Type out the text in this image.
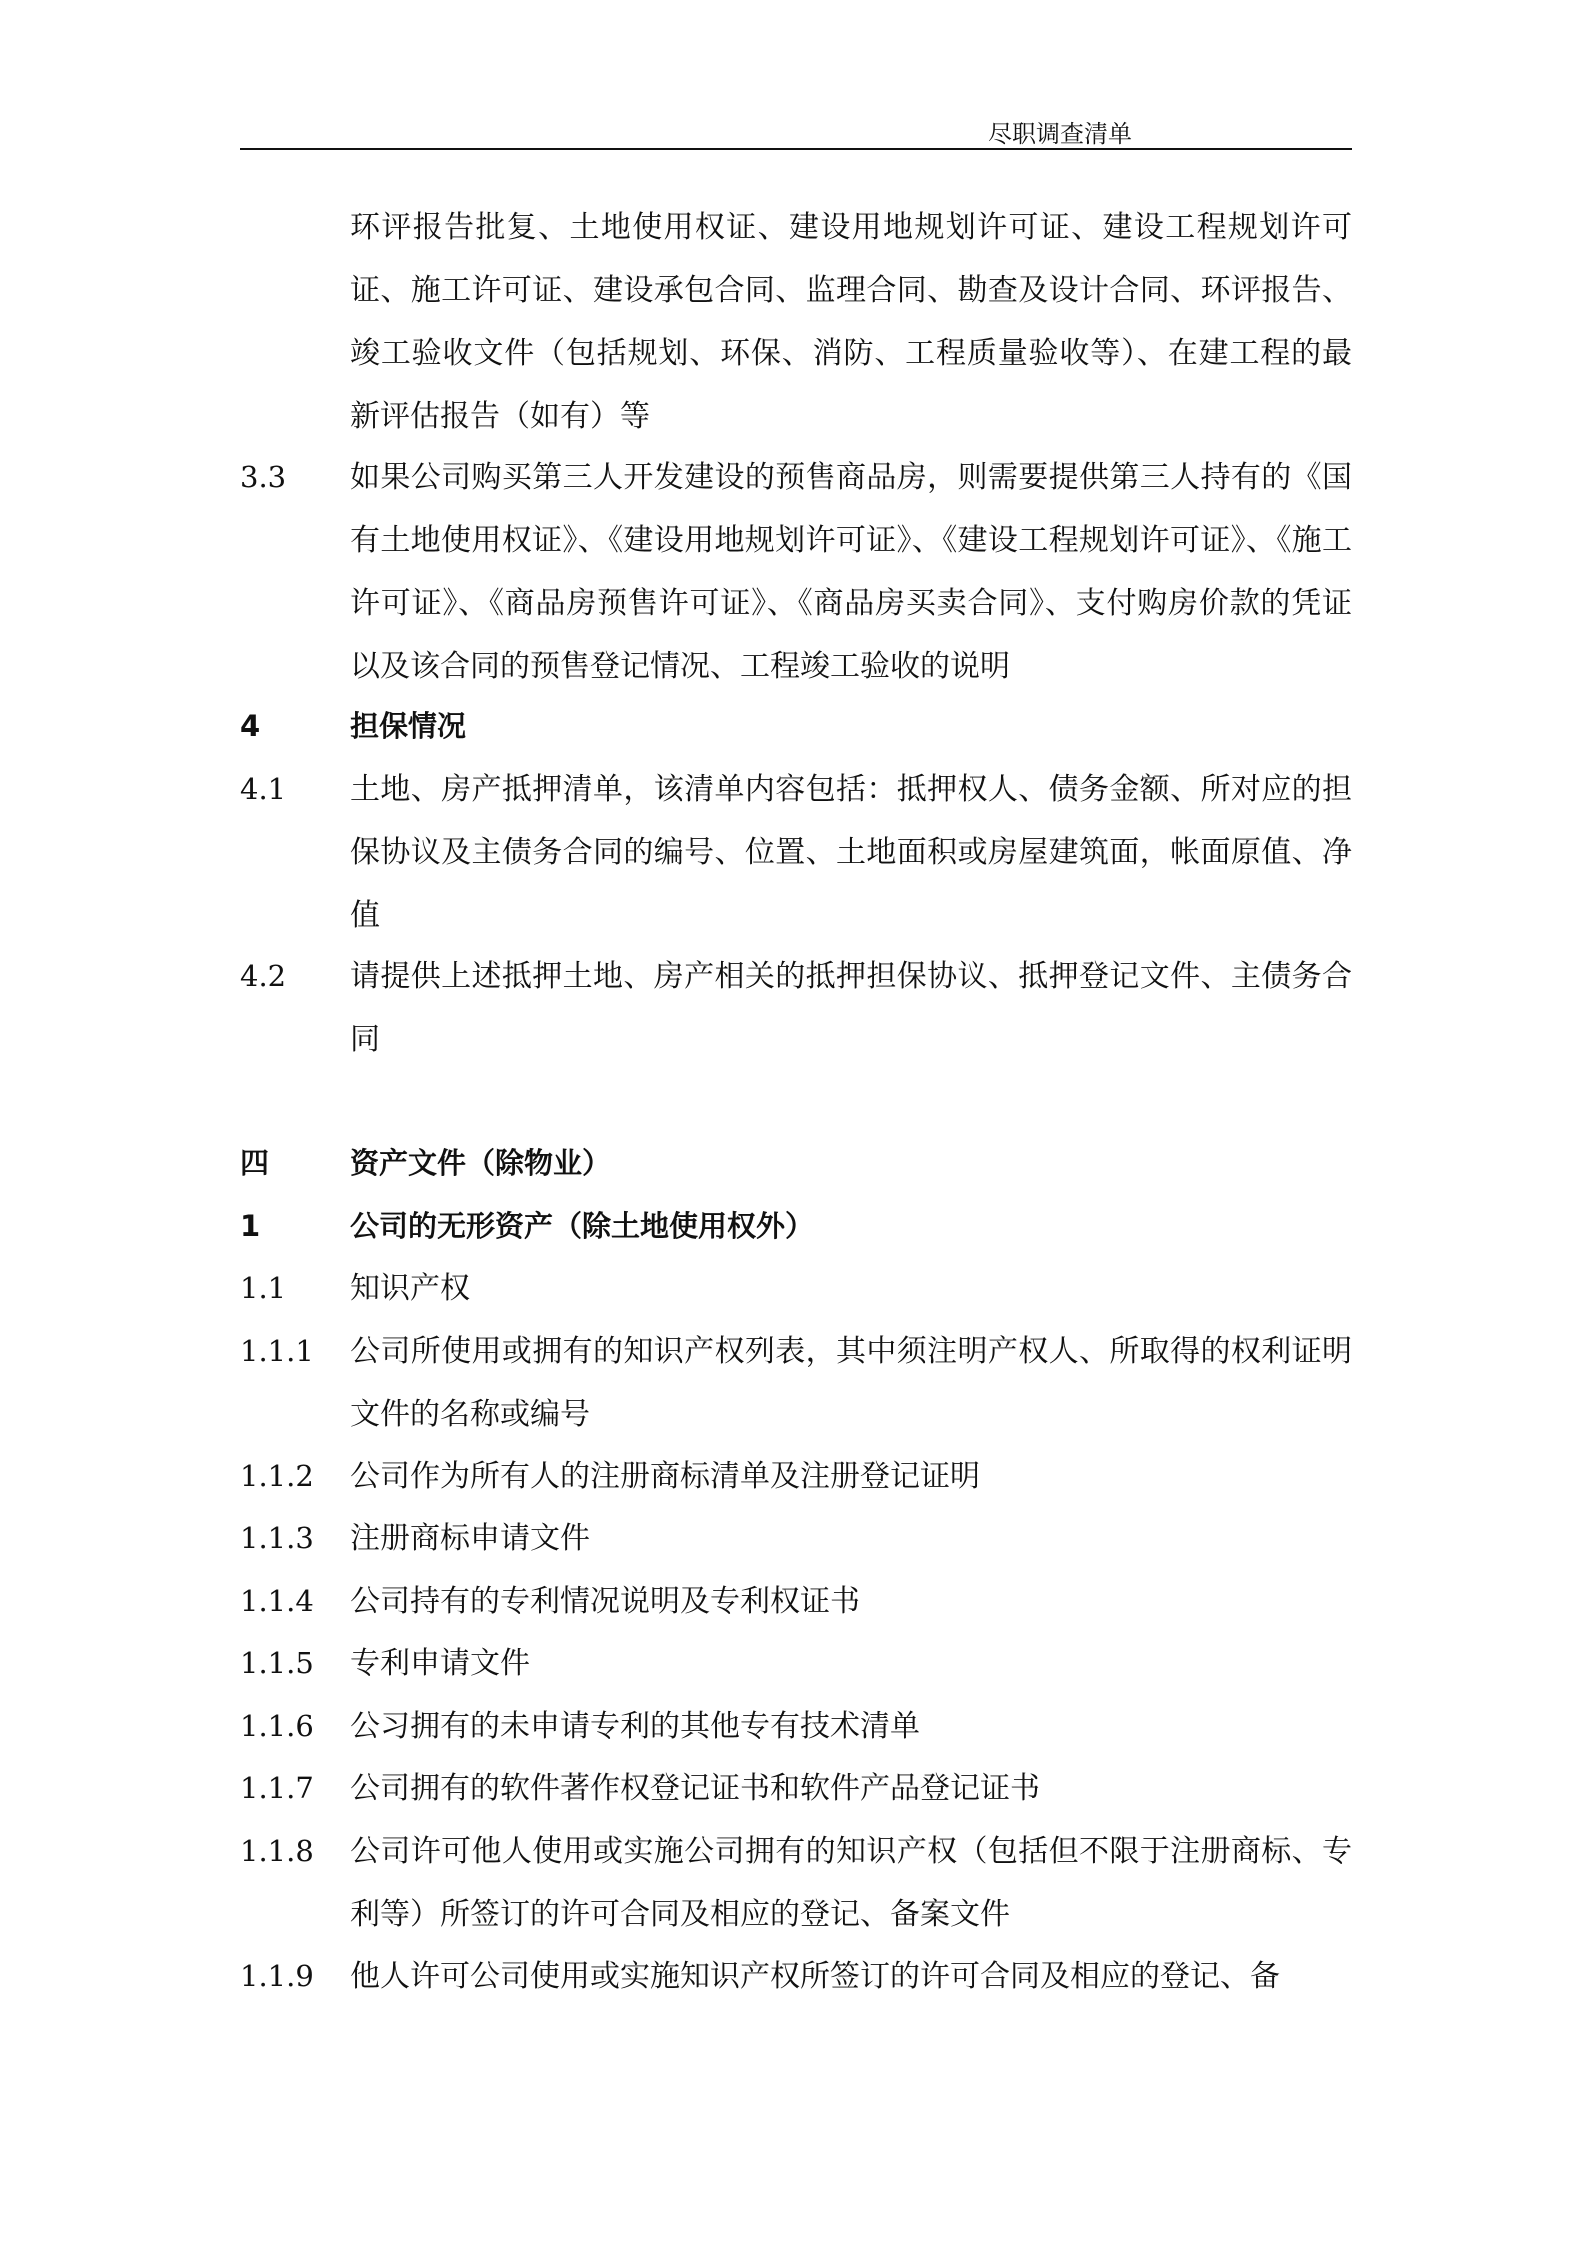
尽职调查清单
环评报告批复、土地使用权证、建设用地规划许可证、建设工程规划许可证、施工许可证、建设承包合同、监理合同、勘查及设计合同、环评报告、竣工验收文件（包括规划、环保、消防、工程质量验收等）、在建工程的最新评估报告（如有）等
3.3 如果公司购买第三人开发建设的预售商品房，则需要提供第三人持有的《国有土地使用权证》、《建设用地规划许可证》、《建设工程规划许可证》、《施工许可证》、《商品房预售许可证》、《商品房买卖合同》、支付购房价款的凭证以及该合同的预售登记情况、工程竣工验收的说明
4	担保情况
4.1 土地、房产抵押清单，该清单内容包括：抵押权人、债务金额、所对应的担保协议及主债务合同的编号、位置、土地面积或房屋建筑面，帐面原值、净值
4.2 请提供上述抵押土地、房产相关的抵押担保协议、抵押登记文件、主债务合同
四	资产文件（除物业）
1	公司的无形资产（除土地使用权外）
1.1 知识产权
1.1.1 公司所使用或拥有的知识产权列表，其中须注明产权人、所取得的权利证明文件的名称或编号
1.1.2 公司作为所有人的注册商标清单及注册登记证明
1.1.3 注册商标申请文件
1.1.4 公司持有的专利情况说明及专利权证书
1.1.5 专利申请文件
1.1.6 公习拥有的未申请专利的其他专有技术清单
1.1.7 公司拥有的软件著作权登记证书和软件产品登记证书
1.1.8 公司许可他人使用或实施公司拥有的知识产权（包括但不限于注册商标、专利等）所签订的许可合同及相应的登记、备案文件
1.1.9 他人许可公司使用或实施知识产权所签订的许可合同及相应的登记、备
